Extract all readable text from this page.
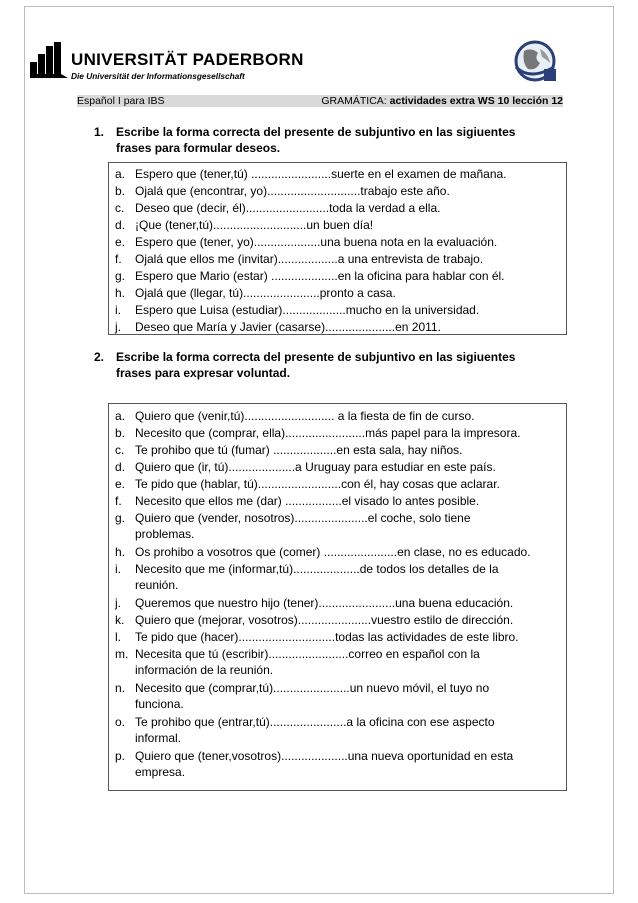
UNIVERSITÄT PADERBORN
Die Universität der Informationsgesellschaft
Español I para IBS	GRAMÁTICA: actividades extra WS 10 lección 12
1. Escribe la forma correcta del presente de subjuntivo en las sigiuentes
frases para formular deseos.
a. Espero que (tener,tú) ........................suerte en el examen de mañana.
b. Ojalá que (encontrar, yo)............................trabajo este año.
c. Deseo que (decir, él).........................toda la verdad a ella.
d. ¡Que (tener,tú)............................un buen día!
e. Espero que (tener, yo)....................una buena nota en la evaluación.
f. Ojalá que ellos me (invitar)..................a una entrevista de trabajo.
g. Espero que Mario (estar) ....................en la oficina para hablar con él.
h. Ojalá que (llegar, tú).......................pronto a casa.
i. Espero que Luisa (estudiar)...................mucho en la universidad.
j. Deseo que María y Javier (casarse).....................en 2011.
2. Escribe la forma correcta del presente de subjuntivo en las sigiuentes
frases para expresar voluntad.
a. Quiero que (venir,tú)........................... a la fiesta de fin de curso.
b. Necesito que (comprar, ella)........................más papel para la impresora.
c. Te prohibo que tú (fumar) ...................en esta sala, hay niños.
d. Quiero que (ir, tú)....................a Uruguay para estudiar en este país.
e. Te pido que (hablar, tú).........................con él, hay cosas que aclarar.
f. Necesito que ellos me (dar) .................el visado lo antes posible.
g. Quiero que (vender, nosotros)......................el coche, solo tiene
problemas.
h. Os prohibo a vosotros que (comer) ......................en clase, no es educado.
i. Necesito que me (informar,tú)....................de todos los detalles de la
reunión.
j. Queremos que nuestro hijo (tener).......................una buena educación.
k. Quiero que (mejorar, vosotros)......................vuestro estilo de dirección.
l. Te pido que (hacer).............................todas las actividades de este libro.
m. Necesita que tú (escribir)........................correo en español con la
información de la reunión.
n. Necesito que (comprar,tú).......................un nuevo móvil, el tuyo no
funciona.
o. Te prohibo que (entrar,tú).......................a la oficina con ese aspecto
informal.
p. Quiero que (tener,vosotros)....................una nueva oportunidad en esta
empresa.
